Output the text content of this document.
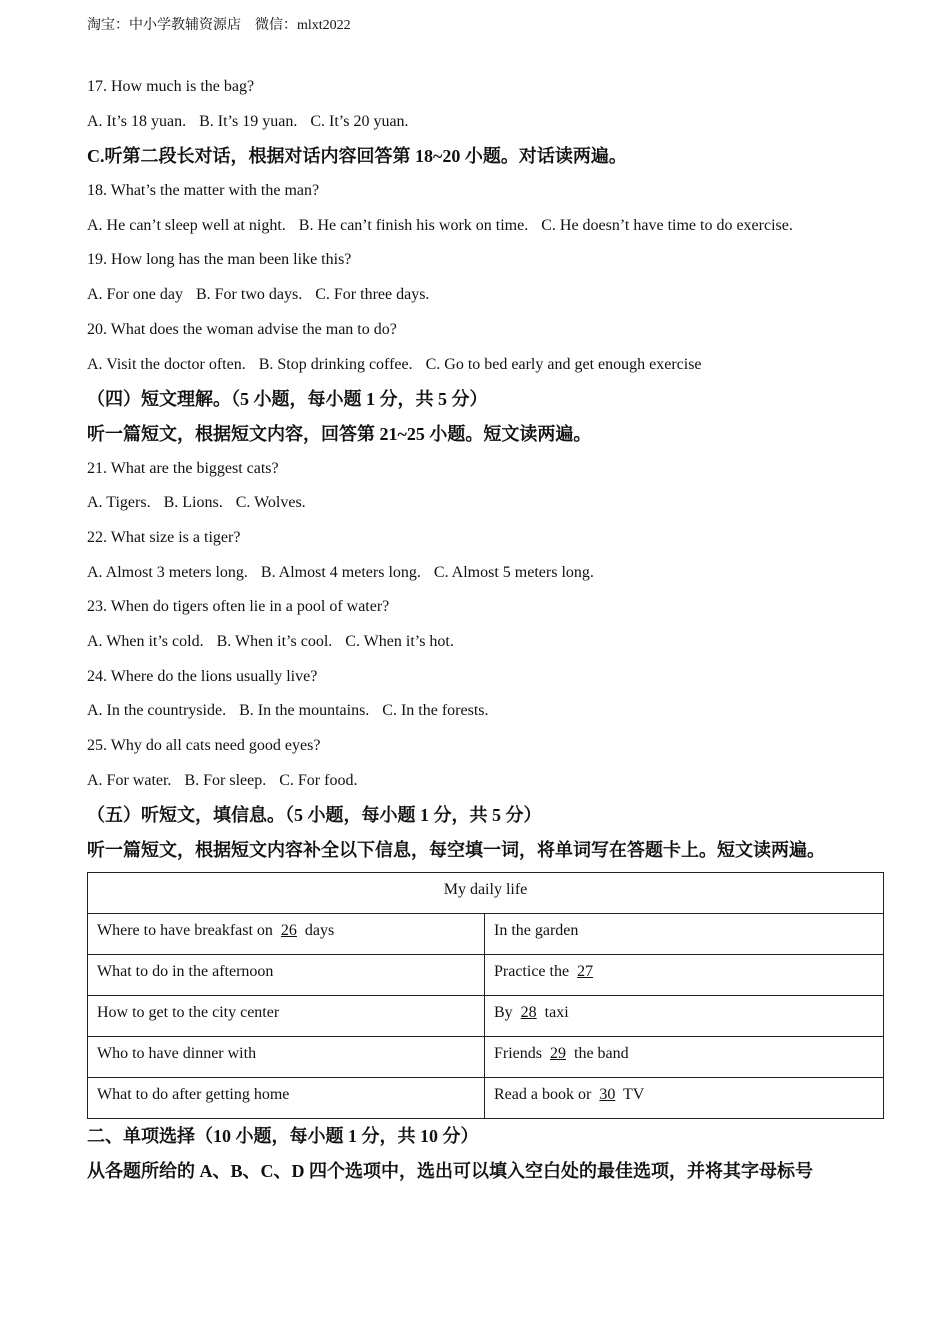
淘宝：中小学教辅资源店　微信：mlxt2022
17. How much is the bag?
A. It’s 18 yuan. B. It’s 19 yuan. C. It’s 20 yuan.
C.听第二段长对话，根据对话内容回答第 18~20 小题。对话读两遍。
18. What’s the matter with the man?
A. He can’t sleep well at night. B. He can’t finish his work on time. C. He doesn’t have time to do exercise.
19. How long has the man been like this?
A. For one day B. For two days. C. For three days.
20. What does the woman advise the man to do?
A. Visit the doctor often. B. Stop drinking coffee. C. Go to bed early and get enough exercise
（四）短文理解。（5 小题，每小题 1 分，共 5 分）
听一篇短文，根据短文内容，回答第 21~25 小题。短文读两遍。
21. What are the biggest cats?
A. Tigers. B. Lions. C. Wolves.
22. What size is a tiger?
A. Almost 3 meters long. B. Almost 4 meters long. C. Almost 5 meters long.
23. When do tigers often lie in a pool of water?
A. When it’s cold. B. When it’s cool. C. When it’s hot.
24. Where do the lions usually live?
A. In the countryside. B. In the mountains. C. In the forests.
25. Why do all cats need good eyes?
A. For water. B. For sleep. C. For food.
（五）听短文，填信息。（5 小题，每小题 1 分，共 5 分）
听一篇短文，根据短文内容补全以下信息，每空填一词，将单词写在答题卡上。短文读两遍。
My daily life	
Where to have breakfast on 26 days	In the garden
What to do in the afternoon	Practice the 27
How to get to the city center	By 28 taxi
Who to have dinner with	Friends 29 the band
What to do after getting home	Read a book or 30 TV
二、单项选择（10 小题，每小题 1 分，共 10 分）
从各题所给的 A、B、C、D 四个选项中，选出可以填入空白处的最佳选项，并将其字母标号
